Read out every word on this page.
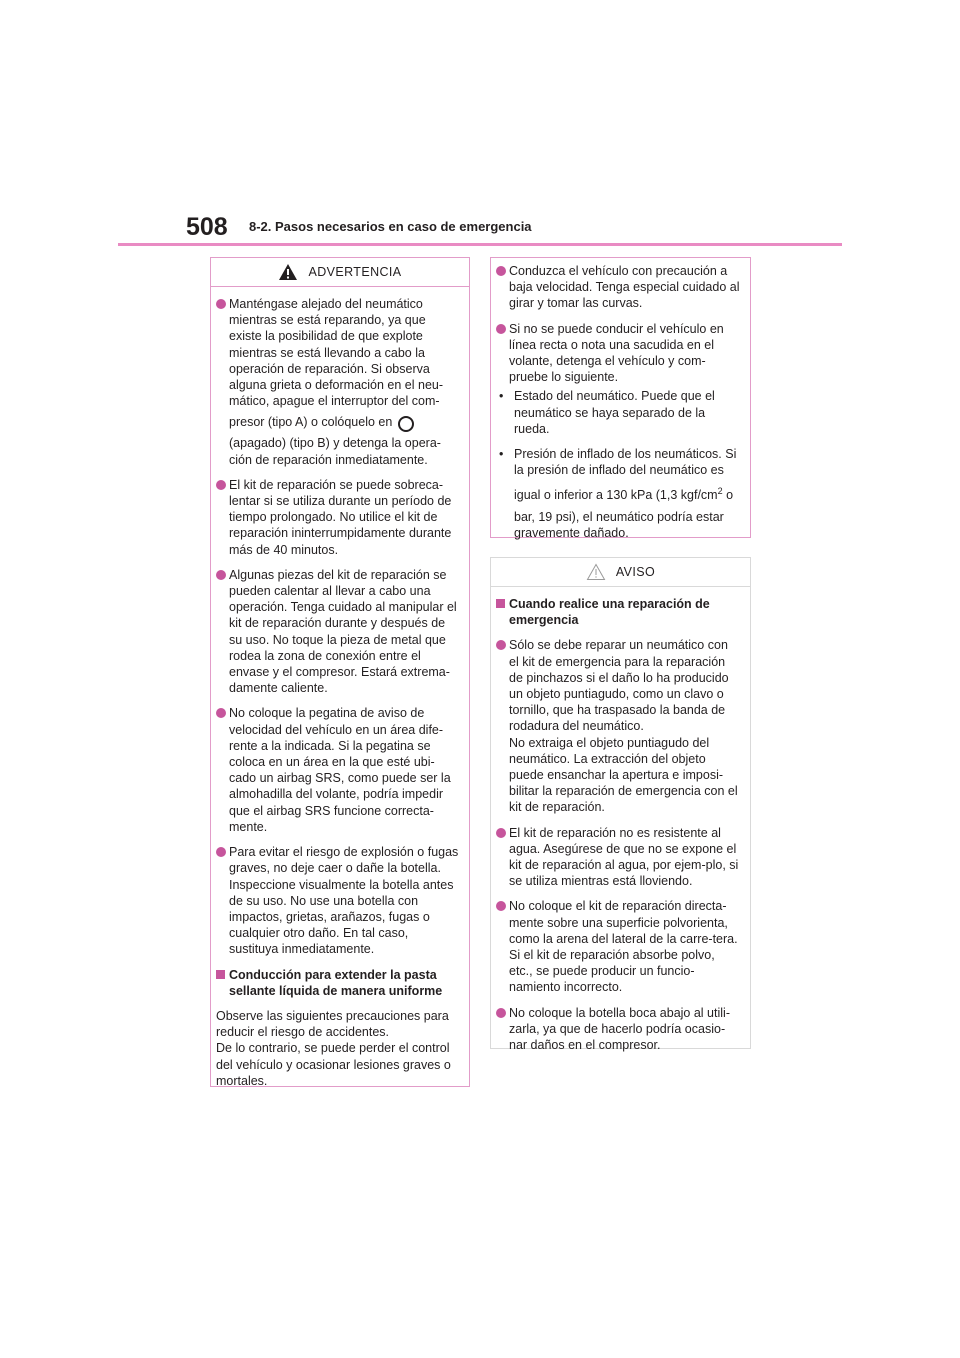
508 8-2. Pasos necesarios en caso de emergencia
ADVERTENCIA
Manténgase alejado del neumático mientras se está reparando, ya que existe la posibilidad de que explote mientras se está llevando a cabo la operación de reparación. Si observa alguna grieta o deformación en el neu-mático, apague el interruptor del com- presor (tipo A) o colóquelo en (apagado) (tipo B) y detenga la opera-ción de reparación inmediatamente.
El kit de reparación se puede sobreca-lentar si se utiliza durante un período de tiempo prolongado. No utilice el kit de reparación ininterrumpidamente durante más de 40 minutos.
Algunas piezas del kit de reparación se pueden calentar al llevar a cabo una operación. Tenga cuidado al manipular el kit de reparación durante y después de su uso. No toque la pieza de metal que rodea la zona de conexión entre el envase y el compresor. Estará extrema-damente caliente.
No coloque la pegatina de aviso de velocidad del vehículo en un área dife-rente a la indicada. Si la pegatina se coloca en un área en la que esté ubi-cado un airbag SRS, como puede ser la almohadilla del volante, podría impedir que el airbag SRS funcione correcta-mente.
Para evitar el riesgo de explosión o fugas graves, no deje caer o dañe la botella. Inspeccione visualmente la botella antes de su uso. No use una botella con impactos, grietas, arañazos, fugas o cualquier otro daño. En tal caso, sustituya inmediatamente.
Conducción para extender la pasta sellante líquida de manera uniforme
Observe las siguientes precauciones para reducir el riesgo de accidentes.
De lo contrario, se puede perder el control del vehículo y ocasionar lesiones graves o mortales.
Conduzca el vehículo con precaución a baja velocidad. Tenga especial cuidado al girar y tomar las curvas.
Si no se puede conducir el vehículo en línea recta o nota una sacudida en el volante, detenga el vehículo y com-pruebe lo siguiente.
• Estado del neumático. Puede que el neumático se haya separado de la rueda.
• Presión de inflado de los neumáticos. Si la presión de inflado del neumático es igual o inferior a 130 kPa (1,3 kgf/$cm^2$ o bar, 19 psi), el neumático podría estar gravemente dañado.
AVISO
Cuando realice una reparación de emergencia
Sólo se debe reparar un neumático con el kit de emergencia para la reparación de pinchazos si el daño lo ha producido un objeto puntiagudo, como un clavo o tornillo, que ha traspasado la banda de rodadura del neumático.
No extraiga el objeto puntiagudo del neumático. La extracción del objeto puede ensanchar la apertura e imposi-bilitar la reparación de emergencia con el kit de reparación.
El kit de reparación no es resistente al agua. Asegúrese de que no se expone el kit de reparación al agua, por ejem-plo, si se utiliza mientras está lloviendo.
No coloque el kit de reparación directa-mente sobre una superficie polvorienta, como la arena del lateral de la carre-tera. Si el kit de reparación absorbe polvo, etc., se puede producir un funcio-namiento incorrecto.
No coloque la botella boca abajo al utili-zarla, ya que de hacerlo podría ocasio-nar daños en el compresor.
